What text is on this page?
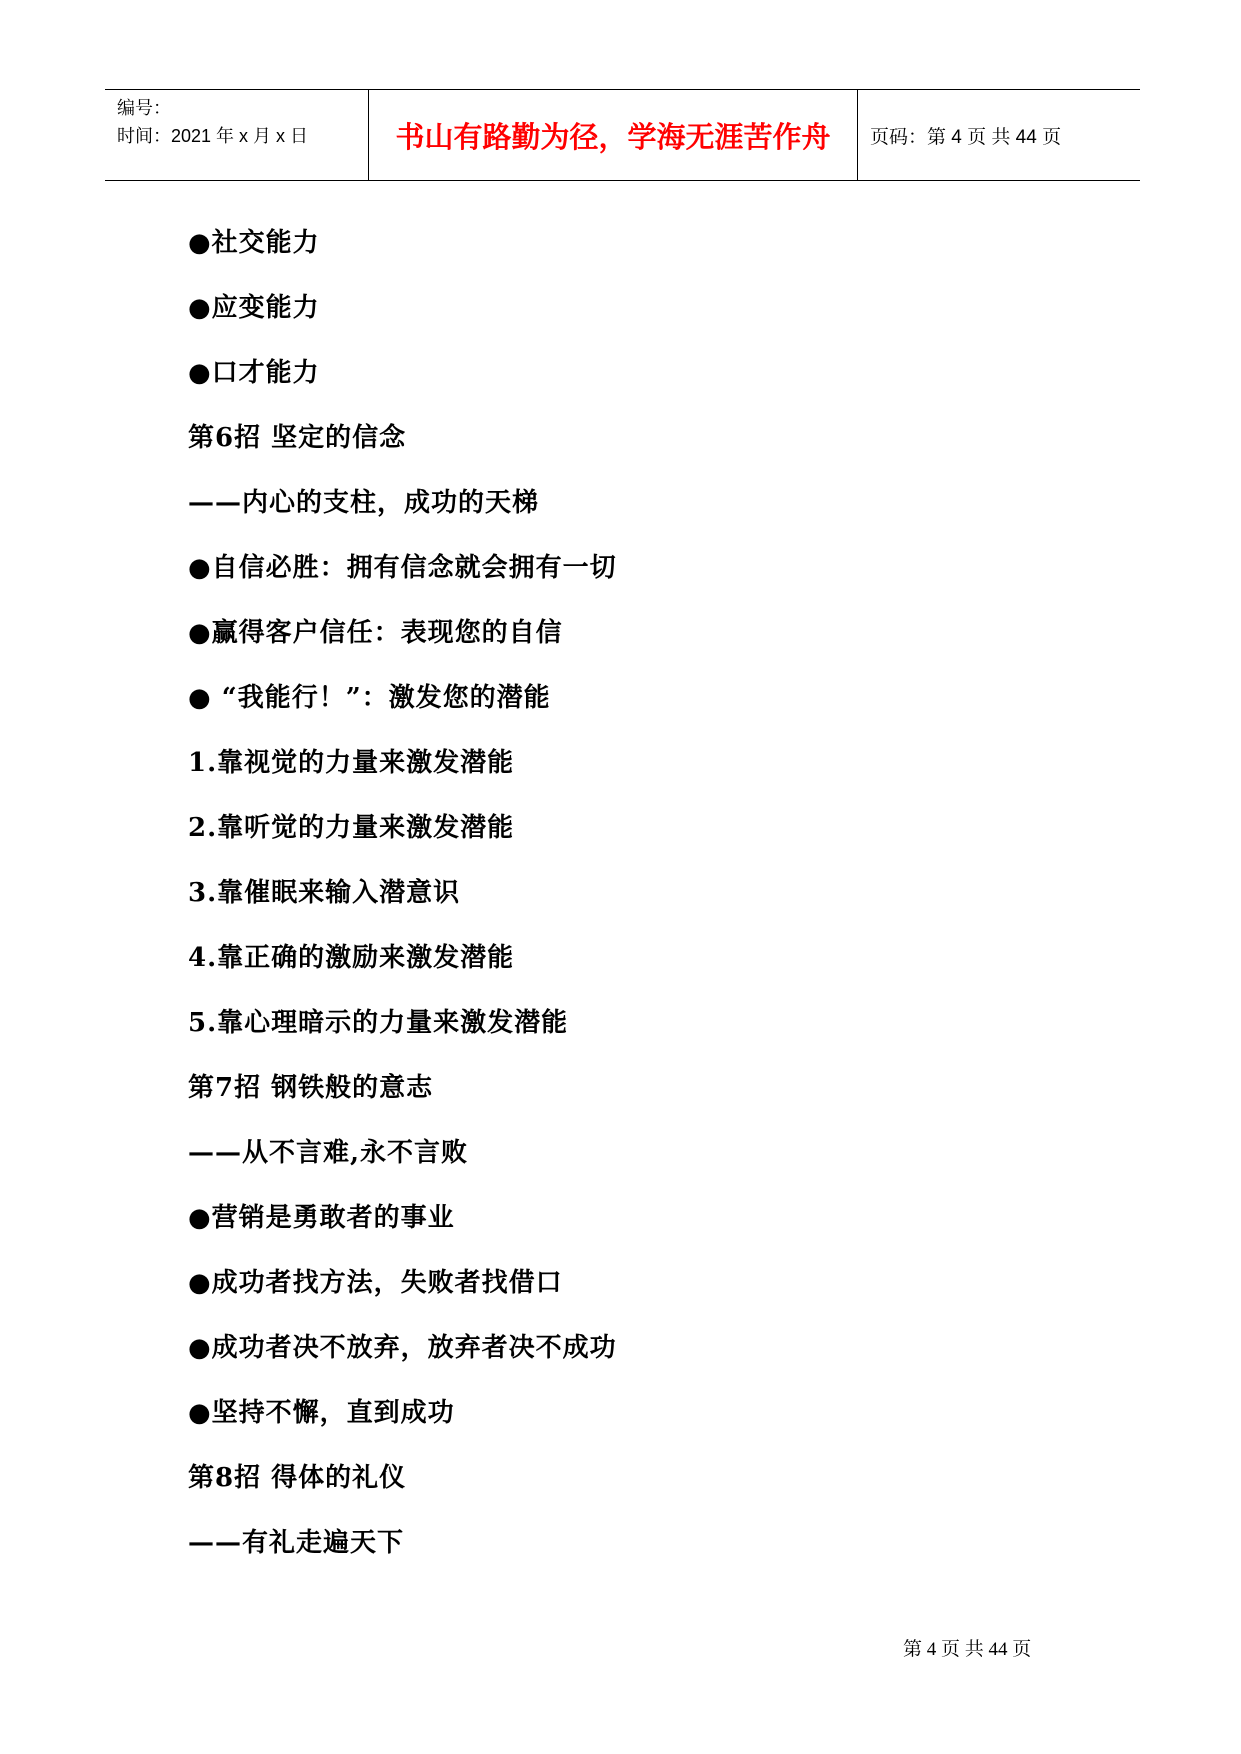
编号：
时间：2021 年 x 月 x 日	书山有路勤为径，学海无涯苦作舟	页码：第 4 页 共 44 页
●社交能力
●应变能力
●口才能力
第6招 坚定的信念
——内心的支柱，成功的天梯
●自信必胜：拥有信念就会拥有一切
●赢得客户信任：表现您的自信
● “我能行！”：激发您的潜能
1.靠视觉的力量来激发潜能
2.靠听觉的力量来激发潜能
3.靠催眠来输入潜意识
4.靠正确的激励来激发潜能
5.靠心理暗示的力量来激发潜能
第7招 钢铁般的意志
——从不言难,永不言败
●营销是勇敢者的事业
●成功者找方法，失败者找借口
●成功者决不放弃，放弃者决不成功
●坚持不懈，直到成功
第8招 得体的礼仪
——有礼走遍天下
第 4 页 共 44 页
